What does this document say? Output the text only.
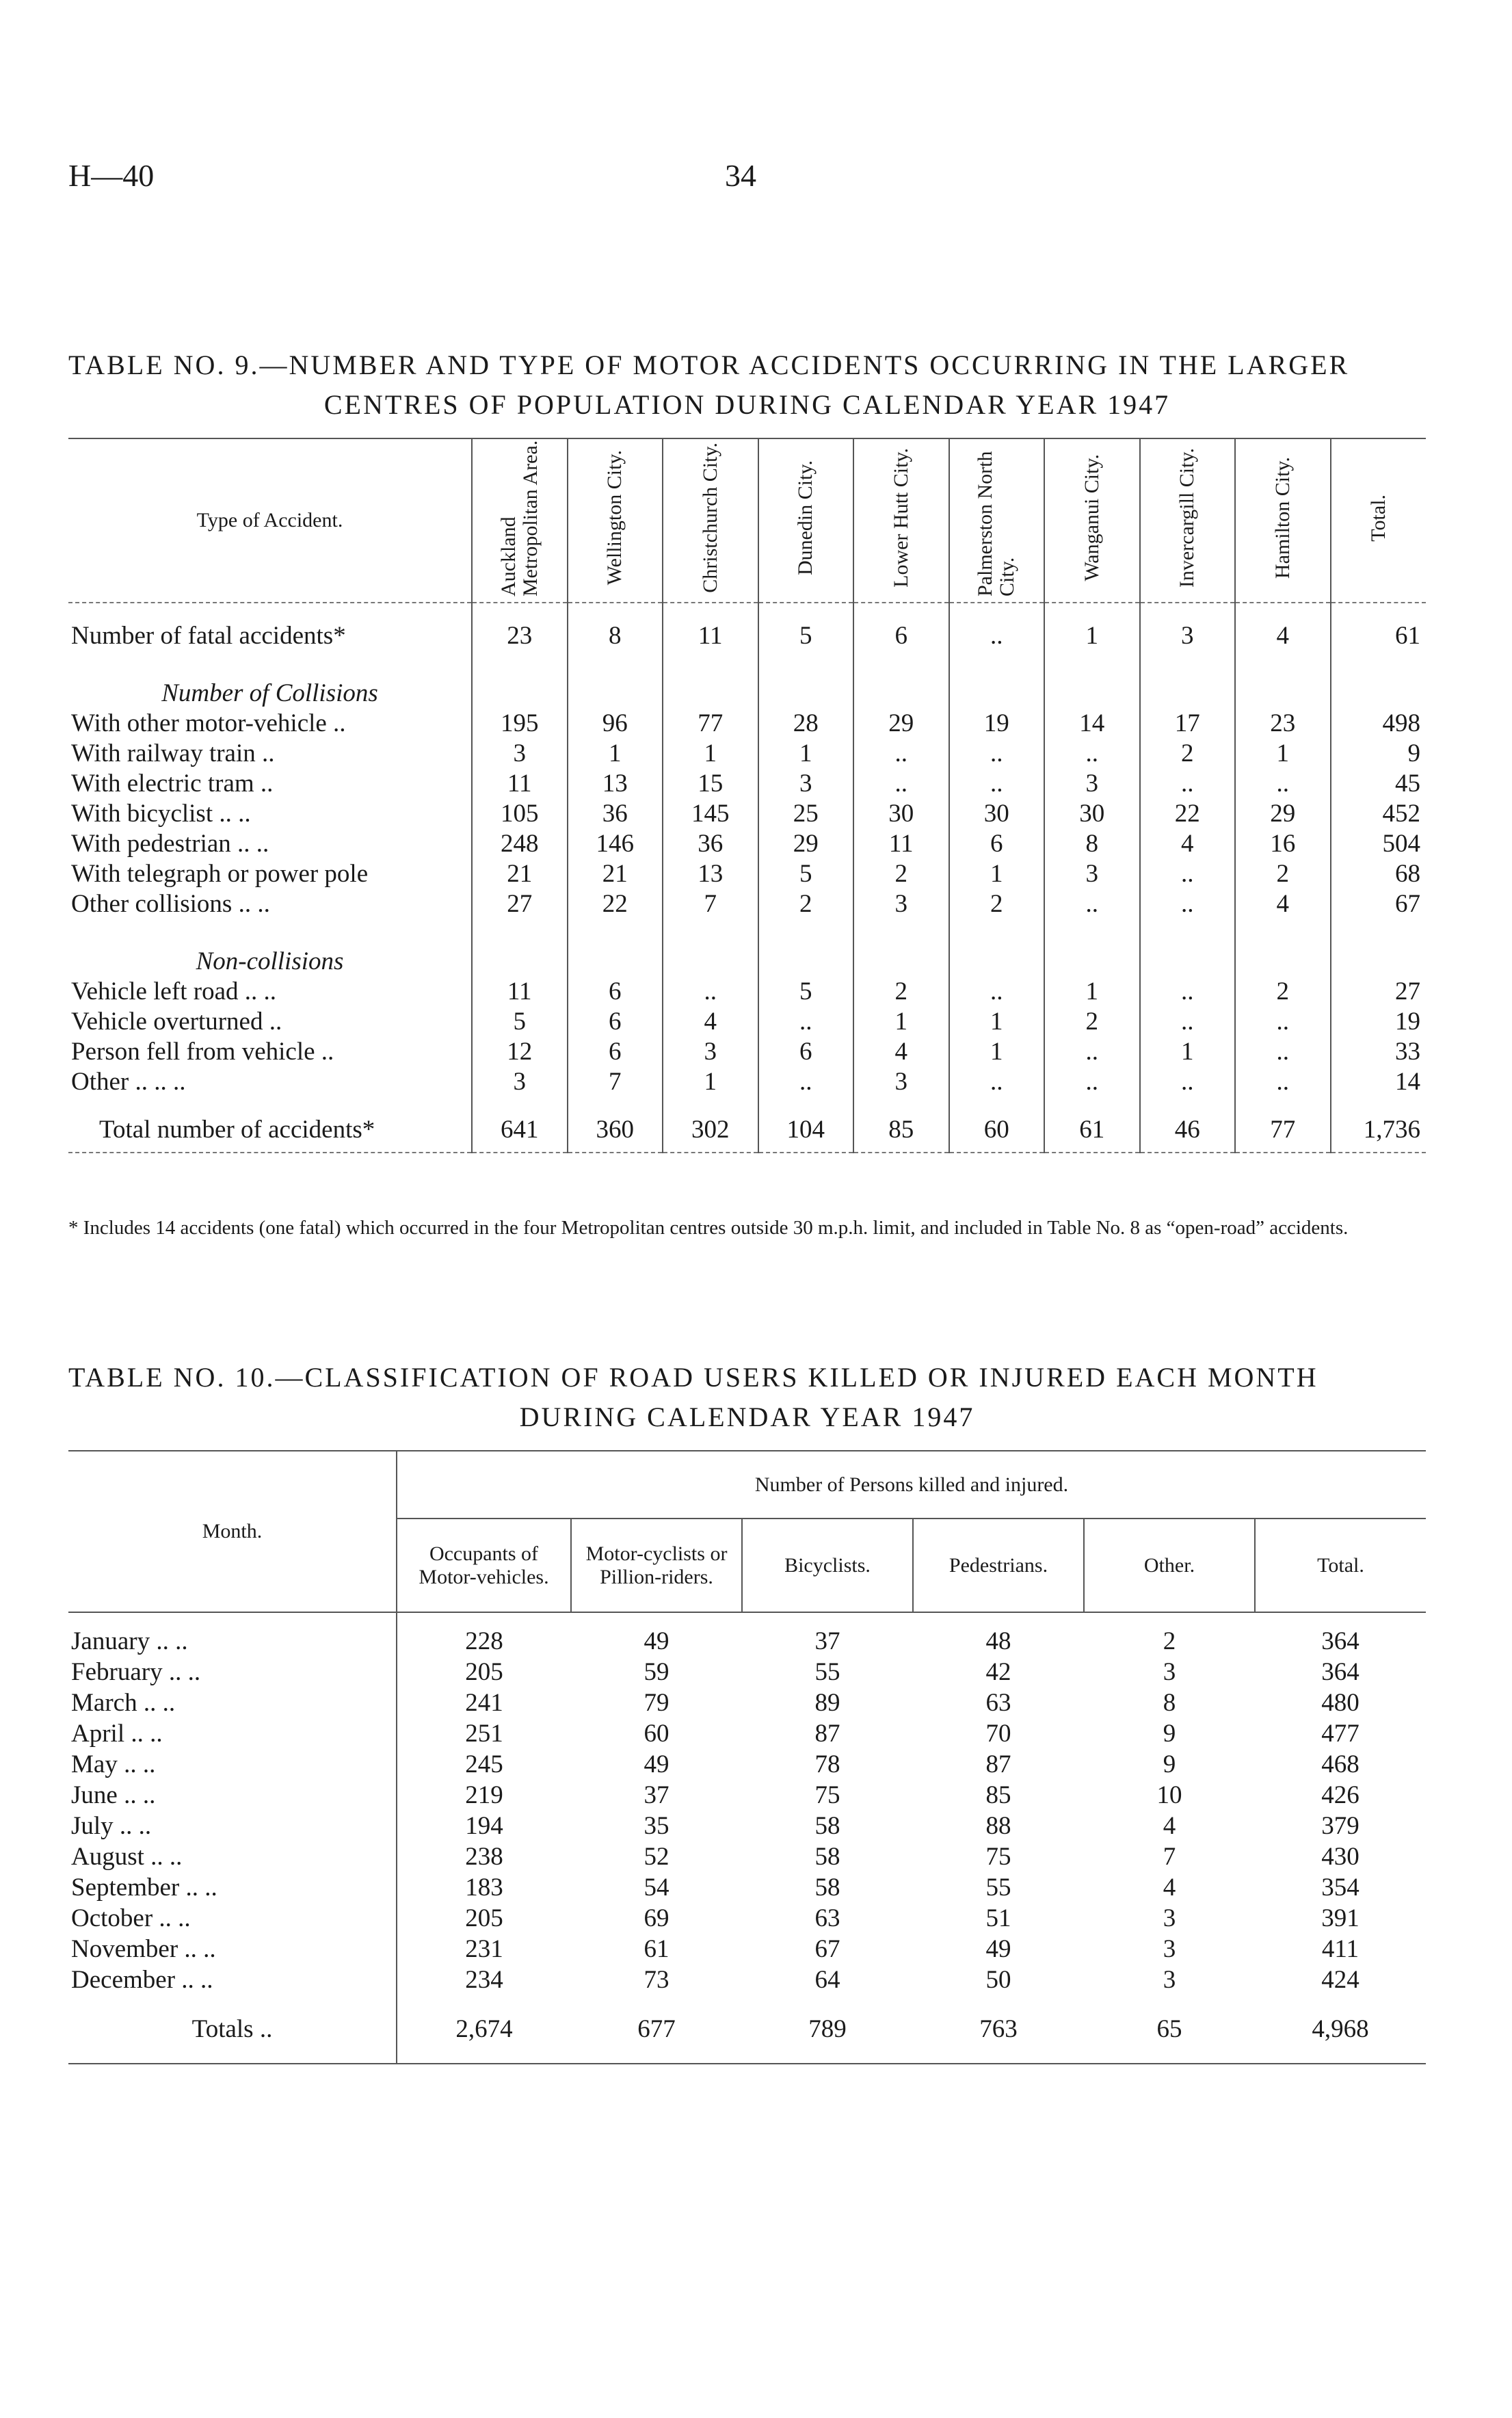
H—40	34
TABLE NO. 9.—NUMBER AND TYPE OF MOTOR ACCIDENTS OCCURRING IN THE LARGER
CENTRES OF POPULATION DURING CALENDAR YEAR 1947
Type of Accident.	Auckland Metropolitan Area.	Wellington City.	Christchurch City.	Dunedin City.	Lower Hutt City.	Palmerston North City.	Wanganui City.	Invercargill City.	Hamilton City.	Total.
Number of fatal accidents*	23	8	11	5	6	..	1	3	4	61
Number of Collisions										
With other motor-vehicle ..	195	96	77	28	29	19	14	17	23	498
With railway train ..	3	1	1	1	..	..	..	2	1	9
With electric tram ..	11	13	15	3	..	..	3	..	..	45
With bicyclist .. ..	105	36	145	25	30	30	30	22	29	452
With pedestrian .. ..	248	146	36	29	11	6	8	4	16	504
With telegraph or power pole	21	21	13	5	2	1	3	..	2	68
Other collisions .. ..	27	22	7	2	3	2	..	..	4	67
Non-collisions										
Vehicle left road .. ..	11	6	..	5	2	..	1	..	2	27
Vehicle overturned ..	5	6	4	..	1	1	2	..	..	19
Person fell from vehicle ..	12	6	3	6	4	1	..	1	..	33
Other .. .. ..	3	7	1	..	3	..	..	..	..	14
Total number of accidents*	641	360	302	104	85	60	61	46	77	1,736
* Includes 14 accidents (one fatal) which occurred in the four Metropolitan centres outside 30 m.p.h. limit, and included in Table No. 8 as “open-road” accidents.
TABLE NO. 10.—CLASSIFICATION OF ROAD USERS KILLED OR INJURED EACH MONTH
DURING CALENDAR YEAR 1947
Month.	Number of Persons killed and injured.					
	Occupants of Motor-vehicles.	Motor-cyclists or Pillion-riders.	Bicyclists.	Pedestrians.	Other.	Total.
January .. ..	228	49	37	48	2	364
February .. ..	205	59	55	42	3	364
March .. ..	241	79	89	63	8	480
April .. ..	251	60	87	70	9	477
May .. ..	245	49	78	87	9	468
June .. ..	219	37	75	85	10	426
July .. ..	194	35	58	88	4	379
August .. ..	238	52	58	75	7	430
September .. ..	183	54	58	55	4	354
October .. ..	205	69	63	51	3	391
November .. ..	231	61	67	49	3	411
December .. ..	234	73	64	50	3	424
Totals ..	2,674	677	789	763	65	4,968
